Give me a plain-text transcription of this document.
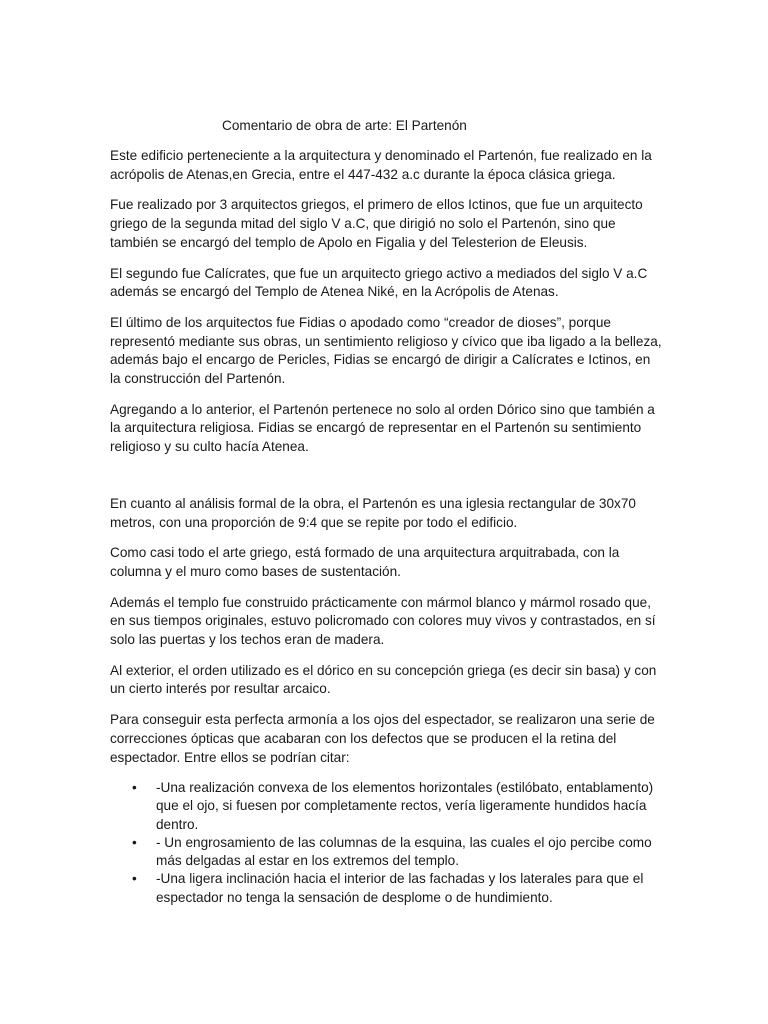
Comentario de obra de arte: El Partenón

Este edificio perteneciente a la arquitectura y denominado el Partenón, fue realizado en la acrópolis de Atenas,en Grecia, entre el 447-432 a.c durante la época clásica griega.

Fue realizado por 3 arquitectos griegos, el primero de ellos Ictinos, que fue un arquitecto griego de la segunda mitad del siglo V a.C, que dirigió no solo el Partenón, sino que también se encargó del templo de Apolo en Figalia y del Telesterion de Eleusis.

El segundo fue Calícrates, que fue un arquitecto griego activo a mediados del siglo V a.C además se encargó del Templo de Atenea Niké, en la Acrópolis de Atenas.

El último de los arquitectos fue Fidias o apodado como “creador de dioses”, porque representó mediante sus obras, un sentimiento religioso y cívico que iba ligado a la belleza, además bajo el encargo de Pericles, Fidias se encargó de dirigir a Calícrates e Ictinos, en la construcción del Partenón.

Agregando a lo anterior, el Partenón pertenece no solo al orden Dórico sino que también a la arquitectura religiosa. Fidias se encargó de representar en el Partenón su sentimiento religioso y su culto hacía Atenea.

En cuanto al análisis formal de la obra, el Partenón es una iglesia rectangular de 30x70 metros, con una proporción de 9:4 que se repite por todo el edificio.

Como casi todo el arte griego, está formado de una arquitectura arquitrabada, con la columna y el muro como bases de sustentación.

Además el templo fue construido prácticamente con mármol blanco y mármol rosado que, en sus tiempos originales, estuvo policromado con colores muy vivos y contrastados, en sí solo las puertas y los techos eran de madera.

Al exterior, el orden utilizado es el dórico en su concepción griega (es decir sin basa) y con un cierto interés por resultar arcaico.

Para conseguir esta perfecta armonía a los ojos del espectador, se realizaron una serie de correcciones ópticas que acabaran con los defectos que se producen el la retina del espectador. Entre ellos se podrían citar:

• -Una realización convexa de los elementos horizontales (estilóbato, entablamento) que el ojo, si fuesen por completamente rectos, vería ligeramente hundidos hacía dentro.
• - Un engrosamiento de las columnas de la esquina, las cuales el ojo percibe como más delgadas al estar en los extremos del templo.
• -Una ligera inclinación hacia el interior de las fachadas y los laterales para que el espectador no tenga la sensación de desplome o de hundimiento.
